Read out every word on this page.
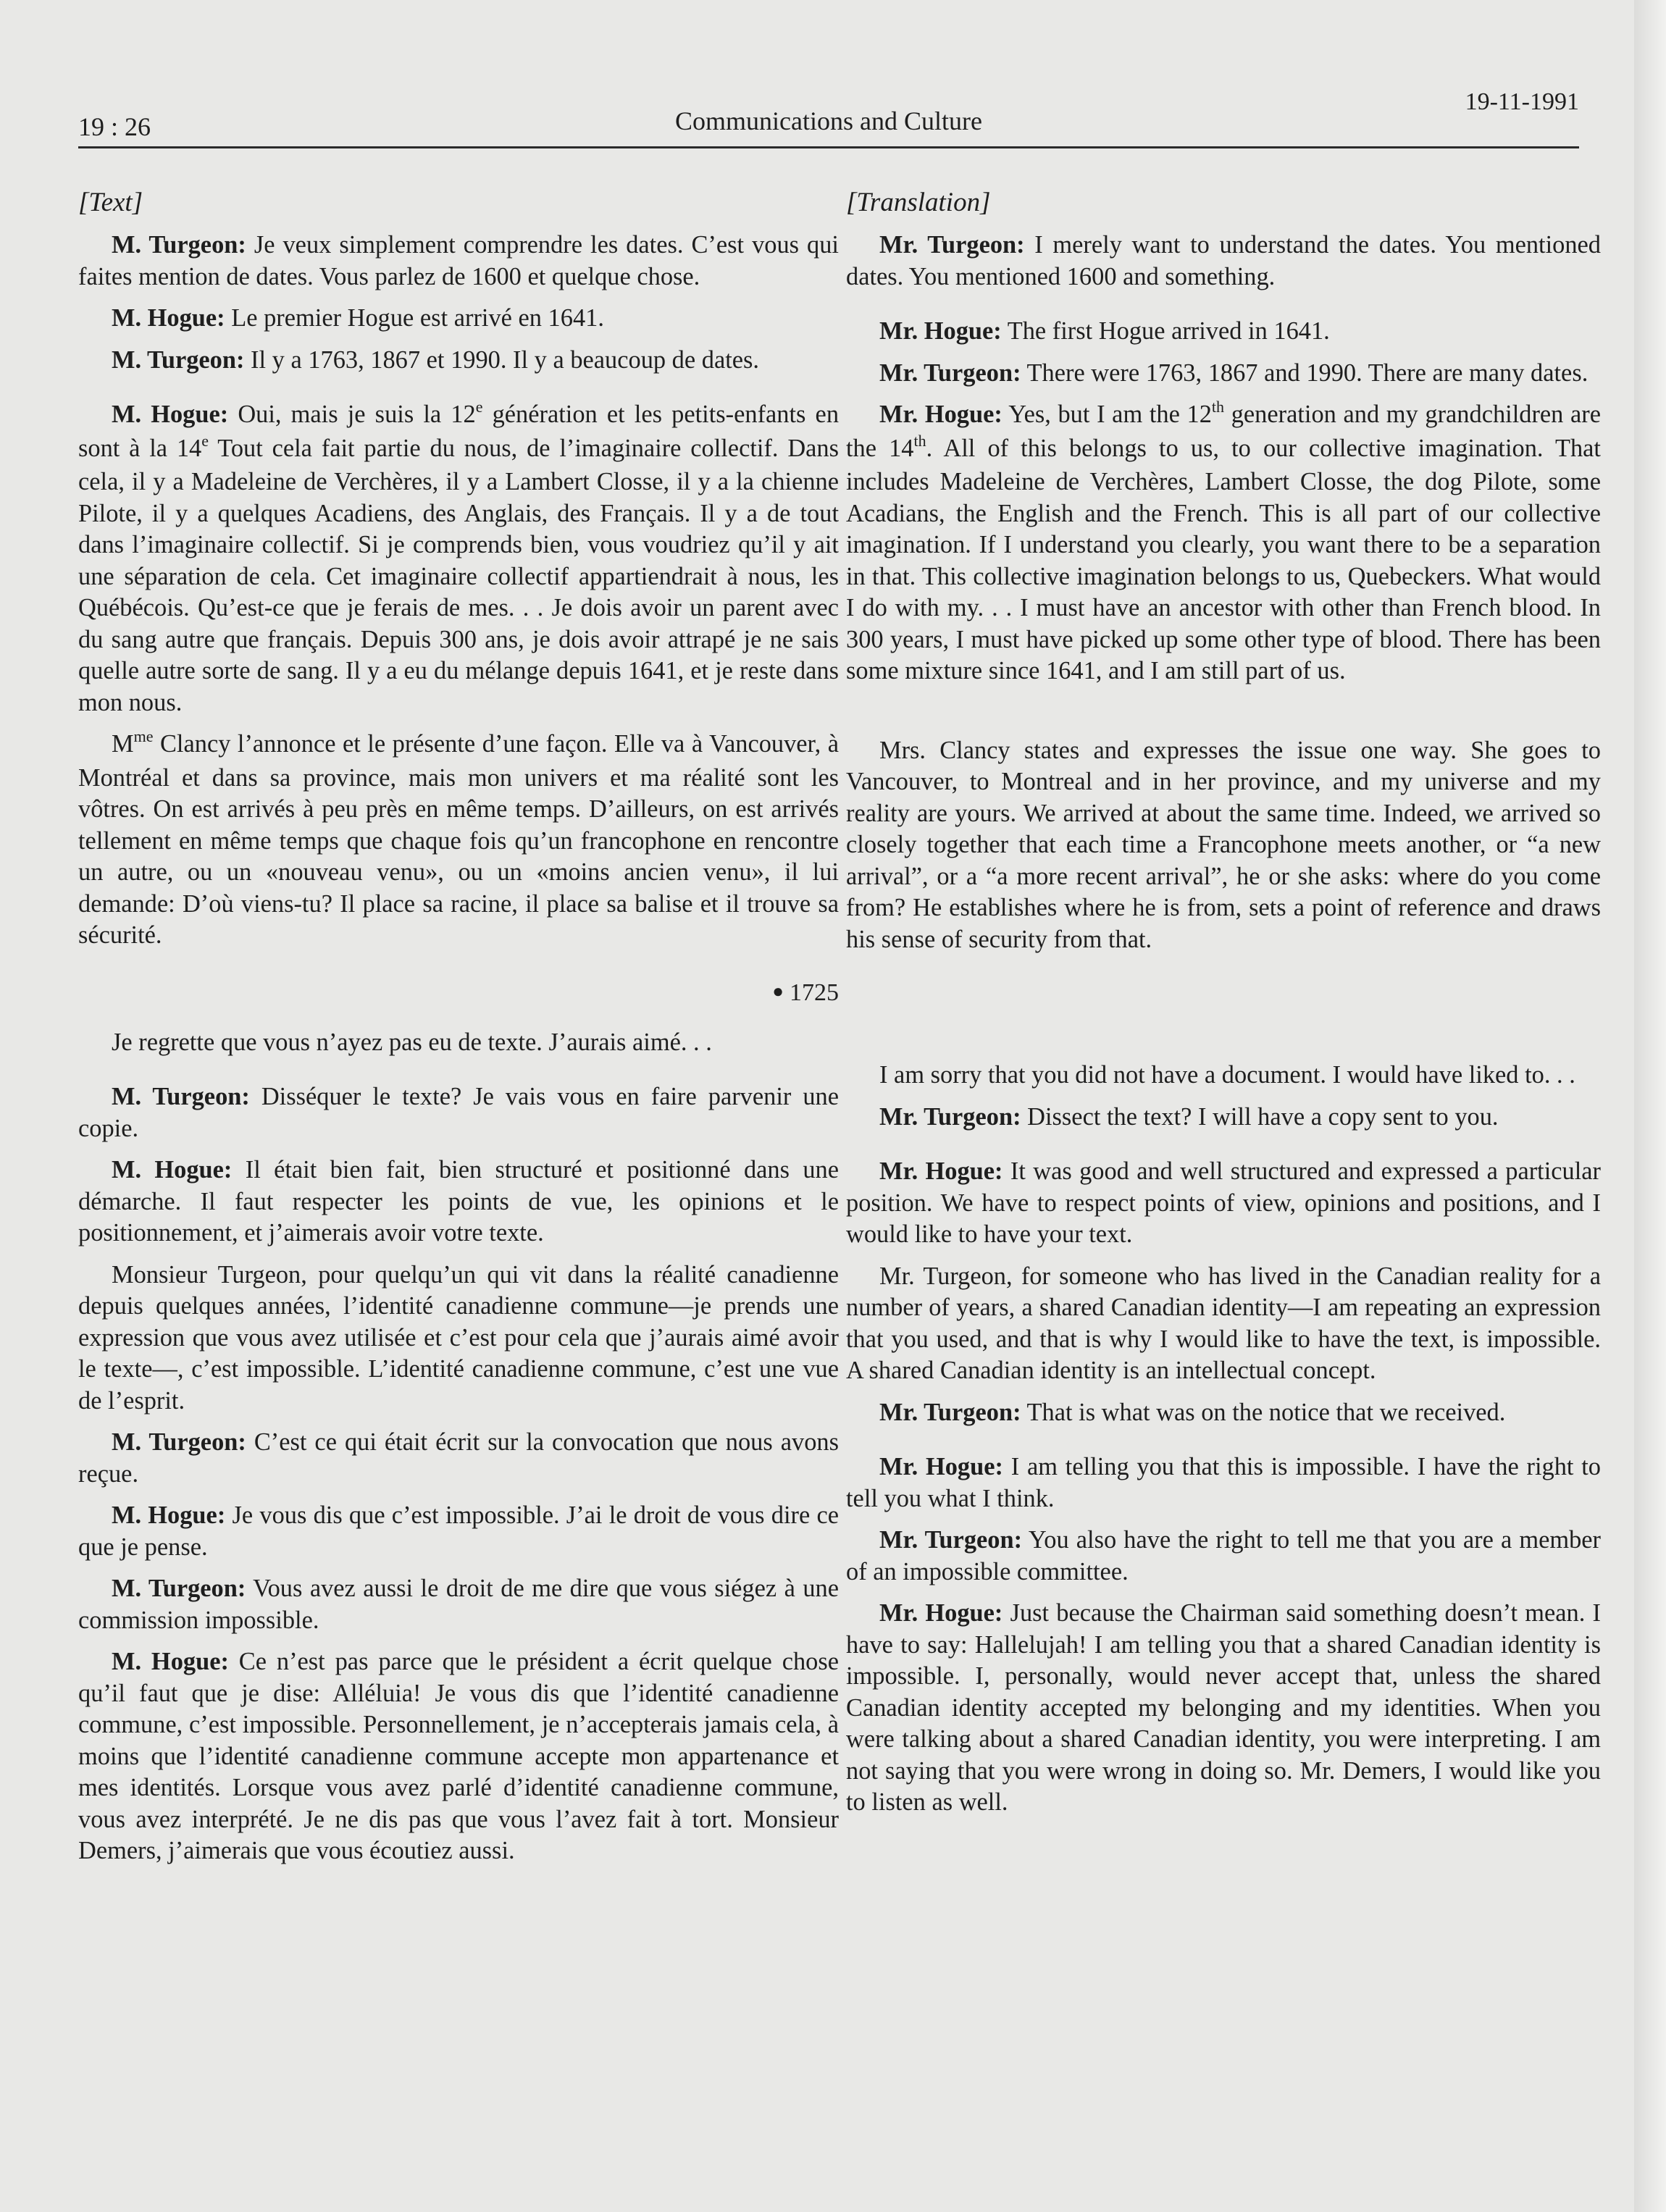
19 : 26	Communications and Culture
19-11-1991
[Text]

M. Turgeon: Je veux simplement comprendre les dates. C’est vous qui faites mention de dates. Vous parlez de 1600 et quelque chose.

M. Hogue: Le premier Hogue est arrivé en 1641.

M. Turgeon: Il y a 1763, 1867 et 1990. Il y a beaucoup de dates.

M. Hogue: Oui, mais je suis la 12e génération et les petits-enfants en sont à la 14e Tout cela fait partie du nous, de l’imaginaire collectif. Dans cela, il y a Madeleine de Verchères, il y a Lambert Closse, il y a la chienne Pilote, il y a quelques Acadiens, des Anglais, des Français. Il y a de tout dans l’imaginaire collectif. Si je comprends bien, vous voudriez qu’il y ait une séparation de cela. Cet imaginaire collectif appartiendrait à nous, les Québécois. Qu’est-ce que je ferais de mes. . . Je dois avoir un parent avec du sang autre que français. Depuis 300 ans, je dois avoir attrapé je ne sais quelle autre sorte de sang. Il y a eu du mélange depuis 1641, et je reste dans mon nous.

$M^{me}$ Clancy l’annonce et le présente d’une façon. Elle va à Vancouver, à Montréal et dans sa province, mais mon univers et ma réalité sont les vôtres. On est arrivés à peu près en même temps. D’ailleurs, on est arrivés tellement en même temps que chaque fois qu’un francophone en rencontre un autre, ou un «nouveau venu», ou un «moins ancien venu», il lui demande: D’où viens-tu? Il place sa racine, il place sa balise et il trouve sa sécurité.

● 1725

Je regrette que vous n’ayez pas eu de texte. J’aurais aimé. . .

M. Turgeon: Disséquer le texte? Je vais vous en faire parvenir une copie.

M. Hogue: Il était bien fait, bien structuré et positionné dans une démarche. Il faut respecter les points de vue, les opinions et le positionnement, et j’aimerais avoir votre texte.

Monsieur Turgeon, pour quelqu’un qui vit dans la réalité canadienne depuis quelques années, l’identité canadienne commune—je prends une expression que vous avez utilisée et c’est pour cela que j’aurais aimé avoir le texte—, c’est impossible. L’identité canadienne commune, c’est une vue de l’esprit.

M. Turgeon: C’est ce qui était écrit sur la convocation que nous avons reçue.

M. Hogue: Je vous dis que c’est impossible. J’ai le droit de vous dire ce que je pense.

M. Turgeon: Vous avez aussi le droit de me dire que vous siégez à une commission impossible.

M. Hogue: Ce n’est pas parce que le président a écrit quelque chose qu’il faut que je dise: Alléluia! Je vous dis que l’identité canadienne commune, c’est impossible. Personnellement, je n’accepterais jamais cela, à moins que l’identité canadienne commune accepte mon appartenance et mes identités. Lorsque vous avez parlé d’identité canadienne commune, vous avez interprété. Je ne dis pas que vous l’avez fait à tort. Monsieur Demers, j’aimerais que vous écoutiez aussi.

[Translation]

Mr. Turgeon: I merely want to understand the dates. You mentioned dates. You mentioned 1600 and something.

Mr. Hogue: The first Hogue arrived in 1641.

Mr. Turgeon: There were 1763, 1867 and 1990. There are many dates.

Mr. Hogue: Yes, but I am the 12th generation and my grandchildren are the 14th. All of this belongs to us, to our collective imagination. That includes Madeleine de Verchères, Lambert Closse, the dog Pilote, some Acadians, the English and the French. This is all part of our collective imagination. If I understand you clearly, you want there to be a separation in that. This collective imagination belongs to us, Quebeckers. What would I do with my. . . I must have an ancestor with other than French blood. In 300 years, I must have picked up some other type of blood. There has been some mixture since 1641, and I am still part of us.

Mrs. Clancy states and expresses the issue one way. She goes to Vancouver, to Montreal and in her province, and my universe and my reality are yours. We arrived at about the same time. Indeed, we arrived so closely together that each time a Francophone meets another, or “a new arrival”, or a “a more recent arrival”, he or she asks: where do you come from? He establishes where he is from, sets a point of reference and draws his sense of security from that.

I am sorry that you did not have a document. I would have liked to. . .

Mr. Turgeon: Dissect the text? I will have a copy sent to you.

Mr. Hogue: It was good and well structured and expressed a particular position. We have to respect points of view, opinions and positions, and I would like to have your text.

Mr. Turgeon, for someone who has lived in the Canadian reality for a number of years, a shared Canadian identity—I am repeating an expression that you used, and that is why I would like to have the text, is impossible. A shared Canadian identity is an intellectual concept.

Mr. Turgeon: That is what was on the notice that we received.

Mr. Hogue: I am telling you that this is impossible. I have the right to tell you what I think.

Mr. Turgeon: You also have the right to tell me that you are a member of an impossible committee.

Mr. Hogue: Just because the Chairman said something doesn’t mean. I have to say: Hallelujah! I am telling you that a shared Canadian identity is impossible. I, personally, would never accept that, unless the shared Canadian identity accepted my belonging and my identities. When you were talking about a shared Canadian identity, you were interpreting. I am not saying that you were wrong in doing so. Mr. Demers, I would like you to listen as well.
